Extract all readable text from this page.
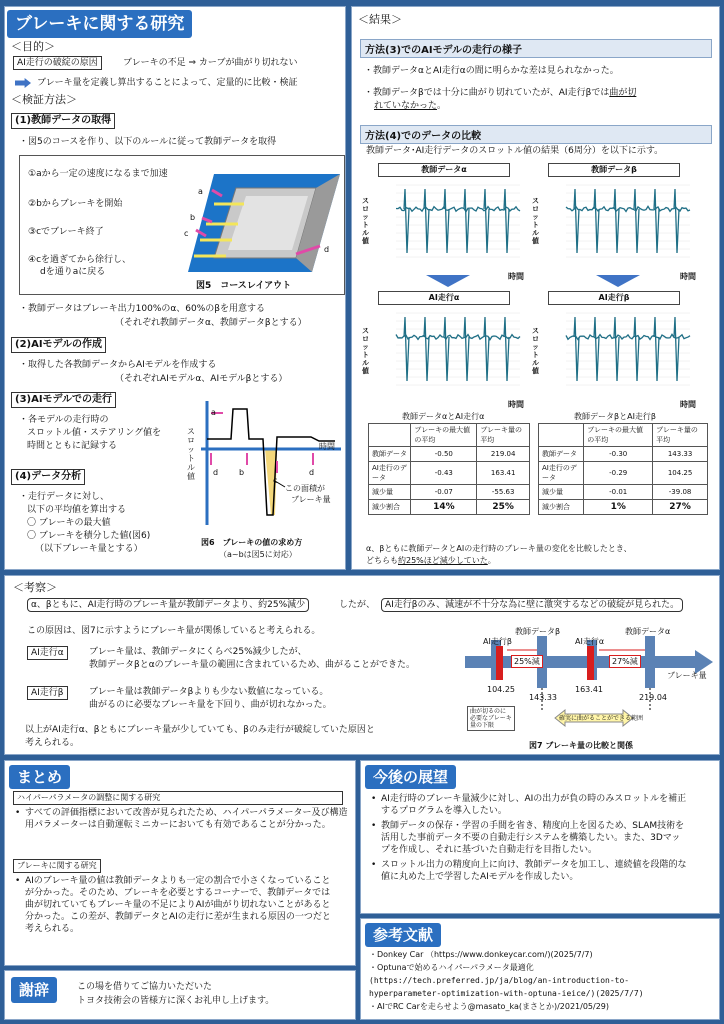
ブレーキに関する研究
＜目的＞
AI走行の破綻の原因	ブレーキの不足 ⇒ カーブが曲がり切れない
ブレーキ量を定義し算出することによって、定量的に比較・検証
＜検証方法＞
(1)教師データの取得
・図5のコースを作り、以下のルールに従って教師データを取得
①aから一定の速度になるまで加速
②bからブレーキを開始
③cでブレーキ終了
④cを過ぎてから徐行し、
dを通りaに戻る
a
b
c
d
図5　コースレイアウト
・教師データはブレーキ出力100%のα、60%のβを用意する
（それぞれ教師データα、教師データβとする）
(2)AIモデルの作成
・取得した各教師データからAIモデルを作成する
（それぞれAIモデルα、AIモデルβとする）
(3)AIモデルでの走行
・各モデルの走行時の
スロットル値・ステアリング値を
時間とともに記録する
(4)データ分析
・走行データに対し、
以下の平均値を算出する
〇 ブレーキの最大値
〇 ブレーキを積分した値(図6)
（以下ブレーキ量とする）
スロットル値
a
d	b
c
d
時間
この面積が
ブレーキ量
図6　ブレーキの値の求め方
（a~bは図5に対応）
＜結果＞
方法(3)でのAIモデルの走行の様子
・教師データαとAI走行αの間に明らかな差は見られなかった。
・教師データβでは十分に曲がり切れていたが、AI走行βでは曲が切
れていなかった。
方法(4)でのデータの比較
教師データ･AI走行データのスロットル値の結果（6周分）を以下に示す。
教師データα	教師データβ
AI走行α	AI走行β
スロットル値
スロットル値
スロットル値
スロットル値
時間	時間
時間	時間
教師データαとAI走行α	教師データβとAI走行β
	ブレーキの最大値の平均	ブレーキ量の平均
教師データ	-0.50	219.04
AI走行のデータ	-0.43	163.41
減少量	-0.07	-55.63
減少割合	14%	25%
	ブレーキの最大値の平均	ブレーキ量の平均
教師データ	-0.30	143.33
AI走行のデータ	-0.29	104.25
減少量	-0.01	-39.08
減少割合	1%	27%
α、βともに教師データとAIの走行時のブレーキ量の変化を比較したとき、
どちらも約25%ほど減少していた。
＜考察＞
α、βともに、AI走行時のブレーキ量が教師データより、約25%減少	したが、	AI走行βのみ、減速が不十分な為に壁に激突するなどの破綻が見られた。
この原因は、図7に示すようにブレーキ量が関係していると考えられる。
AI走行α	ブレーキ量は、教師データにくらべ25%減少したが、
教師データβとαのブレーキ量の範囲に含まれているため、曲がることができた。
AI走行β	ブレーキ量は教師データβよりも少ない数値になっている。
曲がるのに必要なブレーキ量を下回り、曲が切れなかった。
以上がAI走行α、βともにブレーキ量が少していても、βのみ走行が破綻していた原因と
考えられる。
教師データβ	教師データα
AI走行β	AI走行α
25%減	27%減
104.25
143.33
163.41
219.04
ブレーキ量
曲が切るのに
必要なブレーキ
量の下限
確実に曲がることができる範囲
図7 ブレーキ量の比較と関係
まとめ
ハイパーパラメータの調整に関する研究
• すべての評価指標において改善が見られたため、ハイパーパラメーター及び構造用パラメーターは自動運転ミニカーにおいても有効であることが分かった。
ブレーキに関する研究
• AIのブレーキ量の値は教師データよりも一定の割合で小さくなっていることが分かった。そのため、ブレーキを必要とするコーナーで、教師データでは曲が切れていてもブレーキ量の不足によりAIが曲がり切れないことがあると分かった。この差が、教師データとAIの走行に差が生まれる原因の一つだと考えられる。
謝辞	この場を借りてご協力いただいた
トヨタ技術会の皆様方に深くお礼申し上げます。
今後の展望
• AI走行時のブレーキ量減少に対し、AIの出力が負の時のみスロットルを補正するプログラムを導入したい。
• 教師データの保存・学習の手間を省き、精度向上を図るため、SLAM技術を活用した事前データ不要の自動走行システムを構築したい。また、3Dマップを作成し、それに基づいた自動走行を目指したい。
• スロットル出力の精度向上に向け、教師データを加工し、連続値を段階的な値に丸めた上で学習したAIモデルを作成したい。
参考文献
・Donkey Car （https://www.donkeycar.com/)(2025/7/7)
・Optunaで始めるハイパーパラメータ最適化
(https://tech.preferred.jp/ja/blog/an-introduction-to-
hyperparameter-optimization-with-optuna-ieice/)(2025/7/7)
・AIでRC Carを走らせよう@masato_ka(まさとか)/2021/05/29)
